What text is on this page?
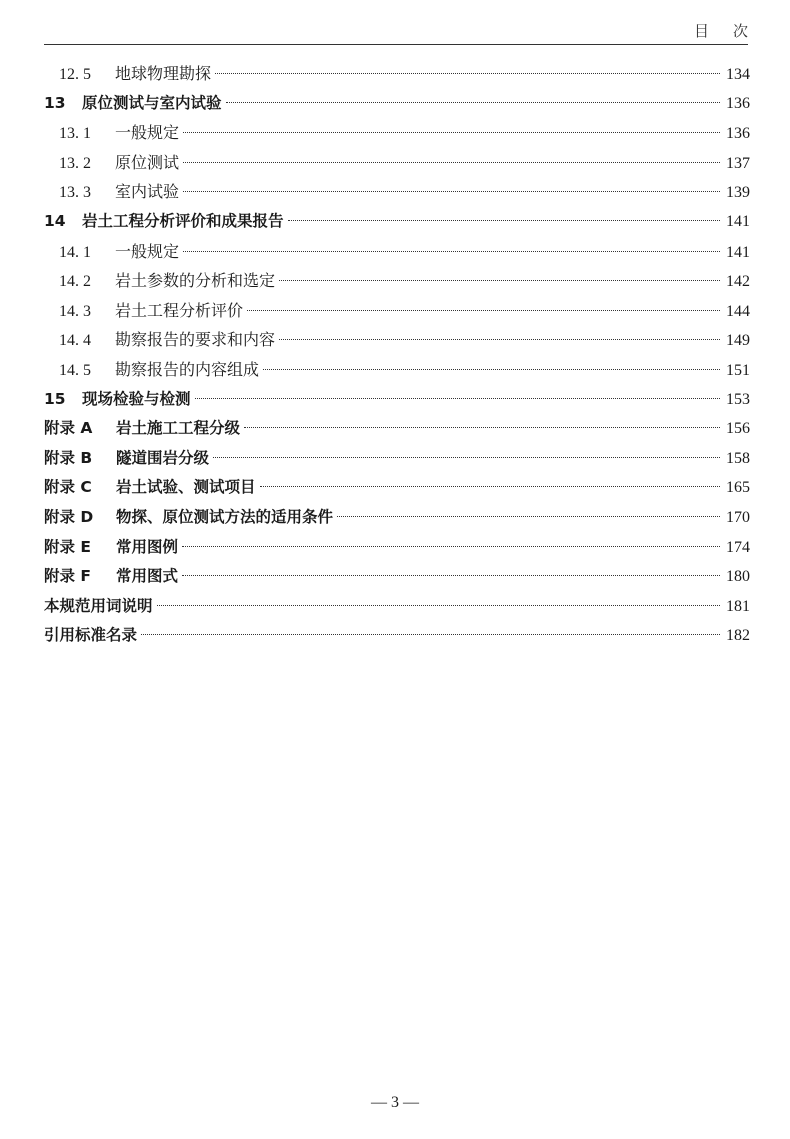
目次
12. 5	地球物理勘探	134
13	原位测试与室内试验	136
13. 1	一般规定	136
13. 2	原位测试	137
13. 3	室内试验	139
14	岩土工程分析评价和成果报告	141
14. 1	一般规定	141
14. 2	岩土参数的分析和选定	142
14. 3	岩土工程分析评价	144
14. 4	勘察报告的要求和内容	149
14. 5	勘察报告的内容组成	151
15	现场检验与检测	153
附录 A	岩土施工工程分级	156
附录 B	隧道围岩分级	158
附录 C	岩土试验、测试项目	165
附录 D	物探、原位测试方法的适用条件	170
附录 E	常用图例	174
附录 F	常用图式	180
本规范用词说明	181
引用标准名录	182
— 3 —
